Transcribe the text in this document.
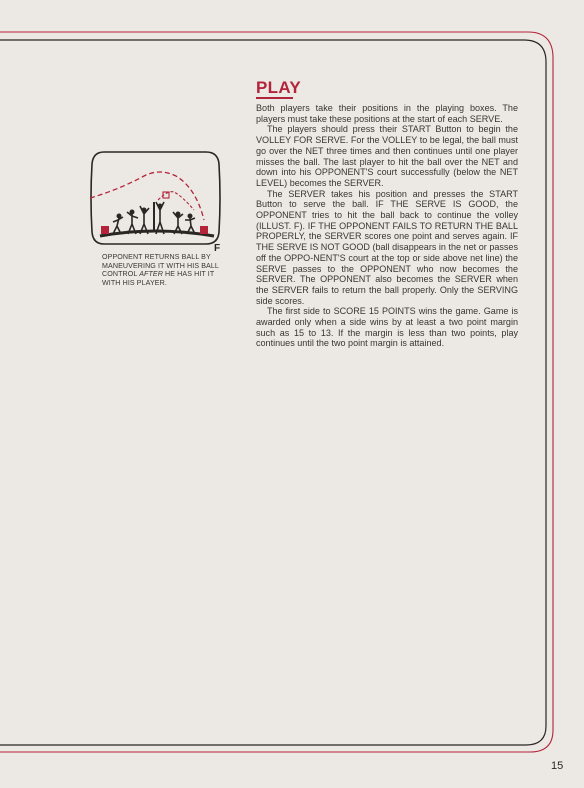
PLAY

Both players take their positions in the playing boxes. The players must take these positions at the start of each SERVE.

The players should press their START Button to begin the VOLLEY FOR SERVE. For the VOLLEY to be legal, the ball must go over the NET three times and then continues until one player misses the ball. The last player to hit the ball over the NET and down into his OPPONENT'S court successfully (below the NET LEVEL) becomes the SERVER.

The SERVER takes his position and presses the START Button to serve the ball. IF THE SERVE IS GOOD, the OPPONENT tries to hit the ball back to continue the volley (ILLUST. F). IF THE OPPONENT FAILS TO RETURN THE BALL PROPERLY, the SERVER scores one point and serves again. IF THE SERVE IS NOT GOOD (ball disappears in the net or passes off the OPPO-NENT'S court at the top or side above net line) the SERVE passes to the OPPONENT who now becomes the SERVER. The OPPONENT also becomes the SERVER when the SERVER fails to return the ball properly. Only the SERVING side scores.

The first side to SCORE 15 POINTS wins the game. Game is awarded only when a side wins by at least a two point margin such as 15 to 13. If the margin is less than two points, play continues until the two point margin is attained.

F
OPPONENT RETURNS BALL BY MANEUVERING IT WITH HIS BALL CONTROL AFTER HE HAS HIT IT WITH HIS PLAYER.
15
